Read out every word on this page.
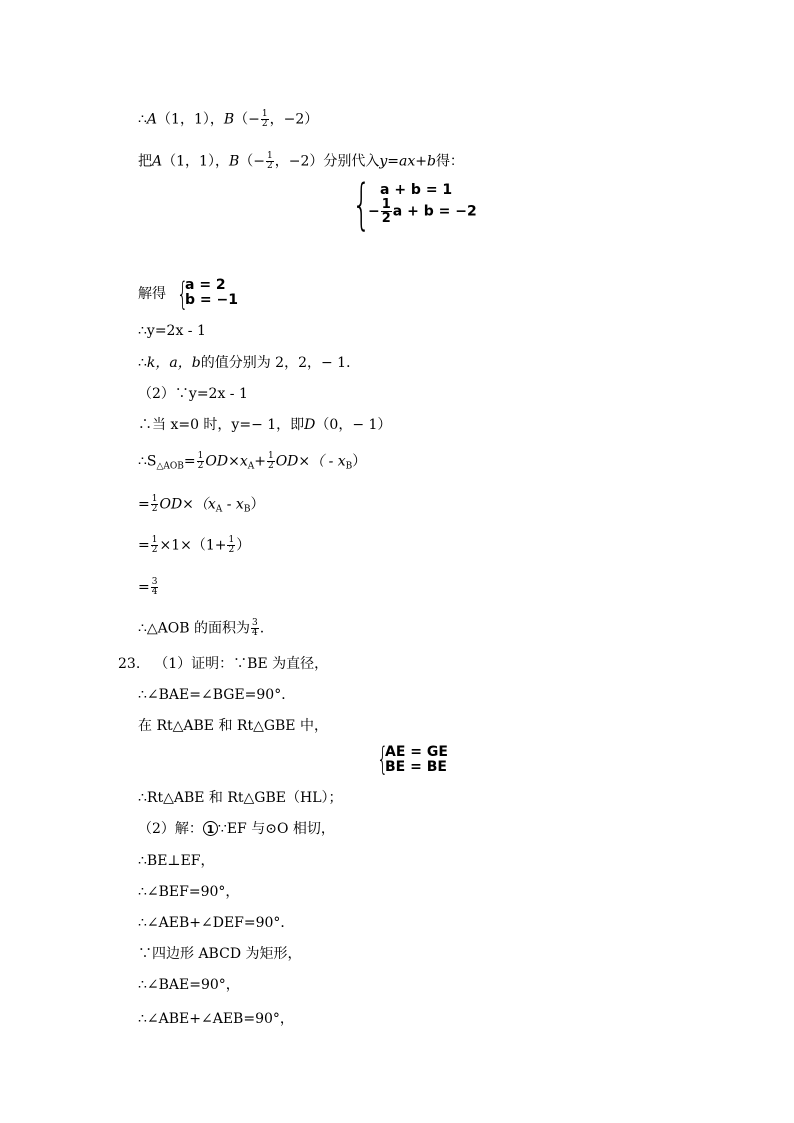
∴A（1，1），$B(- \frac{1}{2}$ ，−2）
把A（1，1），$B(- \frac{1}{2}$ ，−2）分别代入y=ax+b得：
{ a + b = 1
− $\frac{1}{2}$ a + b = −2
解得 {
a = 2
b = −1
∴y=2x - 1
∴k，a，b的值分别为 2，2，− 1．
（2）∵y=2x - 1
∴当 x=0 时，y=− 1，即D（0，− 1）
$\therefore S_{\triangle AOB}= \frac{1}{2} OD\times x_A+ \frac{1}{2} OD\times( - x_B)$
= $\frac{1}{2} OD\times(x_A - x_B)$
= $\frac{1}{2} \times 1\times(1+ \frac{1}{2}$ ）
= $\frac{3}{4}$
∴△AOB 的面积为 $\frac{3}{4}$ .
23. （1）证明：∵BE 为直径，
∴∠BAE=∠BGE=90°．
在 Rt△ABE 和 Rt△GBE 中，
{
AE = GE
BE = BE
∴Rt△ABE 和 Rt△GBE（HL）；
（2）解： 1 ∵EF 与⊙O 相切，
∴BE⊥EF，
∴∠BEF=90°，
∴∠AEB+∠DEF=90°．
∵四边形 ABCD 为矩形，
∴∠BAE=90°，
∴∠ABE+∠AEB=90°，
